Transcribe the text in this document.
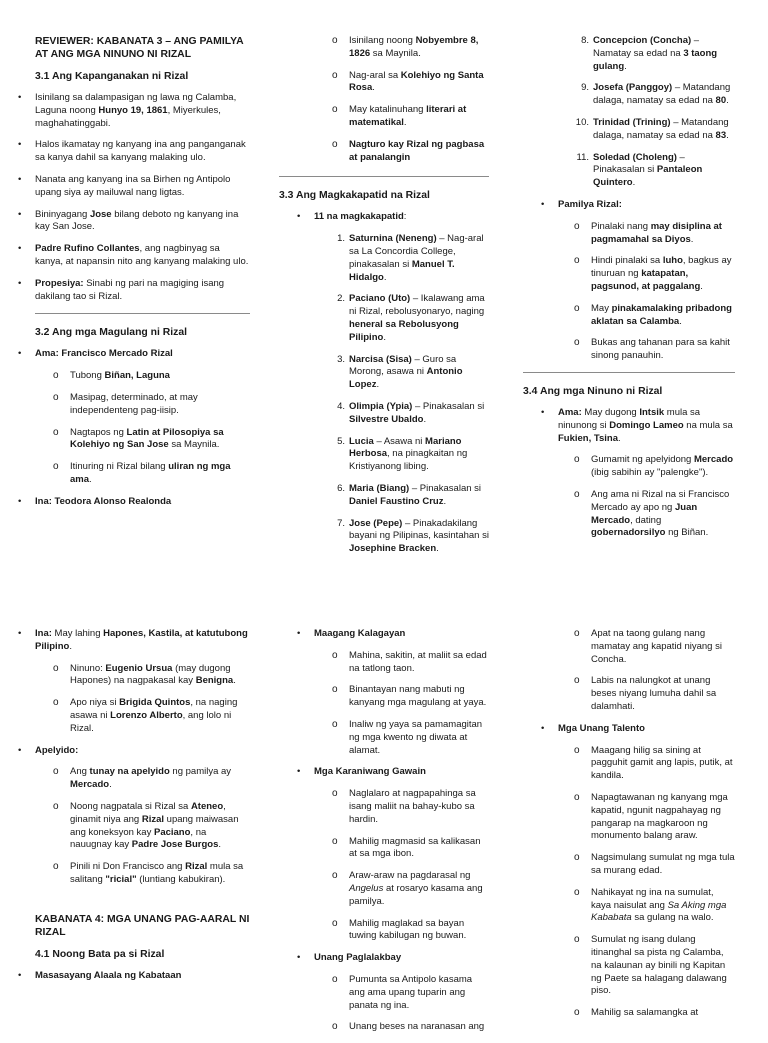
REVIEWER: KABANATA 3 – ANG PAMILYA AT ANG MGA NINUNO NI RIZAL
3.1 Ang Kapanganakan ni Rizal
• Isinilang sa dalampasigan ng lawa ng Calamba, Laguna noong Hunyo 19, 1861, Miyerkules, maghahatinggabi.
• Halos ikamatay ng kanyang ina ang panganganak sa kanya dahil sa kanyang malaking ulo.
• Nanata ang kanyang ina sa Birhen ng Antipolo upang siya ay mailuwal nang ligtas.
• Bininyagang Jose bilang deboto ng kanyang ina kay San Jose.
• Padre Rufino Collantes, ang nagbinyag sa kanya, at napansin nito ang kanyang malaking ulo.
• Propesiya: Sinabi ng pari na magiging isang dakilang tao si Rizal.
3.2 Ang mga Magulang ni Rizal
• Ama: Francisco Mercado Rizal
o Tubong Biñan, Laguna
o Masipag, determinado, at may independenteng pag-iisip.
o Nagtapos ng Latin at Pilosopiya sa Kolehiyo ng San Jose sa Maynila.
o Itinuring ni Rizal bilang uliran ng mga ama.
• Ina: Teodora Alonso Realonda
o Isinilang noong Nobyembre 8, 1826 sa Maynila.
o Nag-aral sa Kolehiyo ng Santa Rosa.
o May katalinuhang literari at matematikal.
o Nagturo kay Rizal ng pagbasa at panalangin
3.3 Ang Magkakapatid na Rizal
• 11 na magkakapatid:
1. Saturnina (Neneng) – Nag-aral sa La Concordia College, pinakasalan si Manuel T. Hidalgo.
2. Paciano (Uto) – Ikalawang ama ni Rizal, rebolusyonaryo, naging heneral sa Rebolusyong Pilipino.
3. Narcisa (Sisa) – Guro sa Morong, asawa ni Antonio Lopez.
4. Olimpia (Ypia) – Pinakasalan si Silvestre Ubaldo.
5. Lucia – Asawa ni Mariano Herbosa, na pinagkaitan ng Kristiyanong libing.
6. Maria (Biang) – Pinakasalan si Daniel Faustino Cruz.
7. Jose (Pepe) – Pinakadakilang bayani ng Pilipinas, kasintahan si Josephine Bracken.
8. Concepcion (Concha) – Namatay sa edad na 3 taong gulang.
9. Josefa (Panggoy) – Matandang dalaga, namatay sa edad na 80.
10. Trinidad (Trining) – Matandang dalaga, namatay sa edad na 83.
11. Soledad (Choleng) – Pinakasalan si Pantaleon Quintero.
• Pamilya Rizal:
o Pinalaki nang may disiplina at pagmamahal sa Diyos.
o Hindi pinalaki sa luho, bagkus ay tinuruan ng katapatan, pagsunod, at paggalang.
o May pinakamalaking pribadong aklatan sa Calamba.
o Bukas ang tahanan para sa kahit sinong panauhin.
3.4 Ang mga Ninuno ni Rizal
• Ama: May dugong Intsik mula sa ninunong si Domingo Lameo na mula sa Fukien, Tsina.
o Gumamit ng apelyidong Mercado (ibig sabihin ay "palengke").
o Ang ama ni Rizal na si Francisco Mercado ay apo ng Juan Mercado, dating gobernadorsilyo ng Biñan.
• Ina: May lahing Hapones, Kastila, at katutubong Pilipino.
o Ninuno: Eugenio Ursua (may dugong Hapones) na nagpakasal kay Benigna.
o Apo niya si Brigida Quintos, na naging asawa ni Lorenzo Alberto, ang lolo ni Rizal.
• Apelyido:
o Ang tunay na apelyido ng pamilya ay Mercado.
o Noong nagpatala si Rizal sa Ateneo, ginamit niya ang Rizal upang maiwasan ang koneksyon kay Paciano, na nauugnay kay Padre Jose Burgos.
o Pinili ni Don Francisco ang Rizal mula sa salitang "ricial" (luntiang kabukiran).
KABANATA 4: MGA UNANG PAG-AARAL NI RIZAL
4.1 Noong Bata pa si Rizal
• Masasayang Alaala ng Kabataan
• Maagang Kalagayan
o Mahina, sakitin, at maliit sa edad na tatlong taon.
o Binantayan nang mabuti ng kanyang mga magulang at yaya.
o Inaliw ng yaya sa pamamagitan ng mga kwento ng diwata at alamat.
• Mga Karaniwang Gawain
o Naglalaro at nagpapahinga sa isang maliit na bahay-kubo sa hardin.
o Mahilig magmasid sa kalikasan at sa mga ibon.
o Araw-araw na pagdarasal ng Angelus at rosaryo kasama ang pamilya.
o Mahilig maglakad sa bayan tuwing kabilugan ng buwan.
• Unang Paglalakbay
o Pumunta sa Antipolo kasama ang ama upang tuparin ang panata ng ina.
o Unang beses na naranasan ang
o Apat na taong gulang nang mamatay ang kapatid niyang si Concha.
o Labis na nalungkot at unang beses niyang lumuha dahil sa dalamhati.
• Mga Unang Talento
o Maagang hilig sa sining at pagguhit gamit ang lapis, putik, at kandila.
o Napagtawanan ng kanyang mga kapatid, ngunit nagpahayag ng pangarap na magkaroon ng monumento balang araw.
o Nagsimulang sumulat ng mga tula sa murang edad.
o Nahikayat ng ina na sumulat, kaya naisulat ang Sa Aking mga Kababata sa gulang na walo.
o Sumulat ng isang dulang itinanghal sa pista ng Calamba, na kalaunan ay binili ng Kapitan ng Paete sa halagang dalawang piso.
o Mahilig sa salamangka at
